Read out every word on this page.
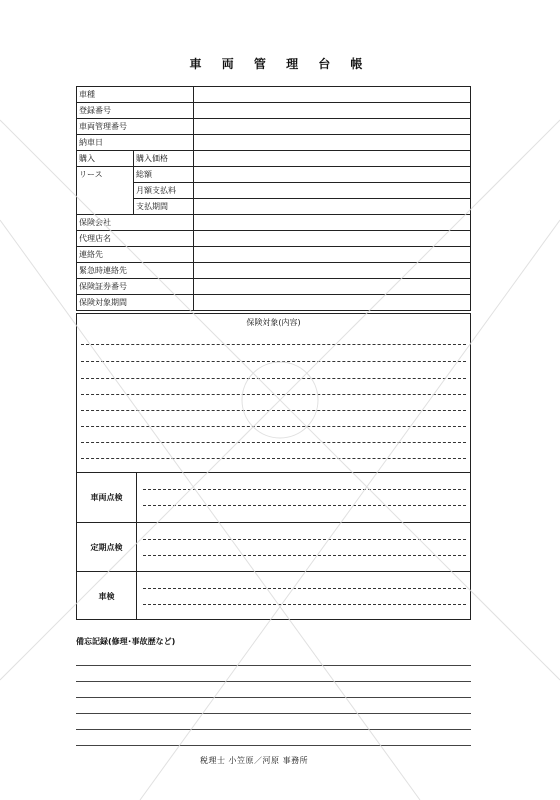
車 両 管 理 台 帳
車種		
登録番号		
車両管理番号		
納車日		
購入	購入価格	
リース	総額	
	月額支払料	
	支払期間	
保険会社		
代理店名		
連絡先		
緊急時連絡先		
保険証券番号		
保険対象期間		
保険対象(内容)
車両点検
定期点検
車検
備忘記録(修理･事故歴など)
税理士 小笠原／河原 事務所
